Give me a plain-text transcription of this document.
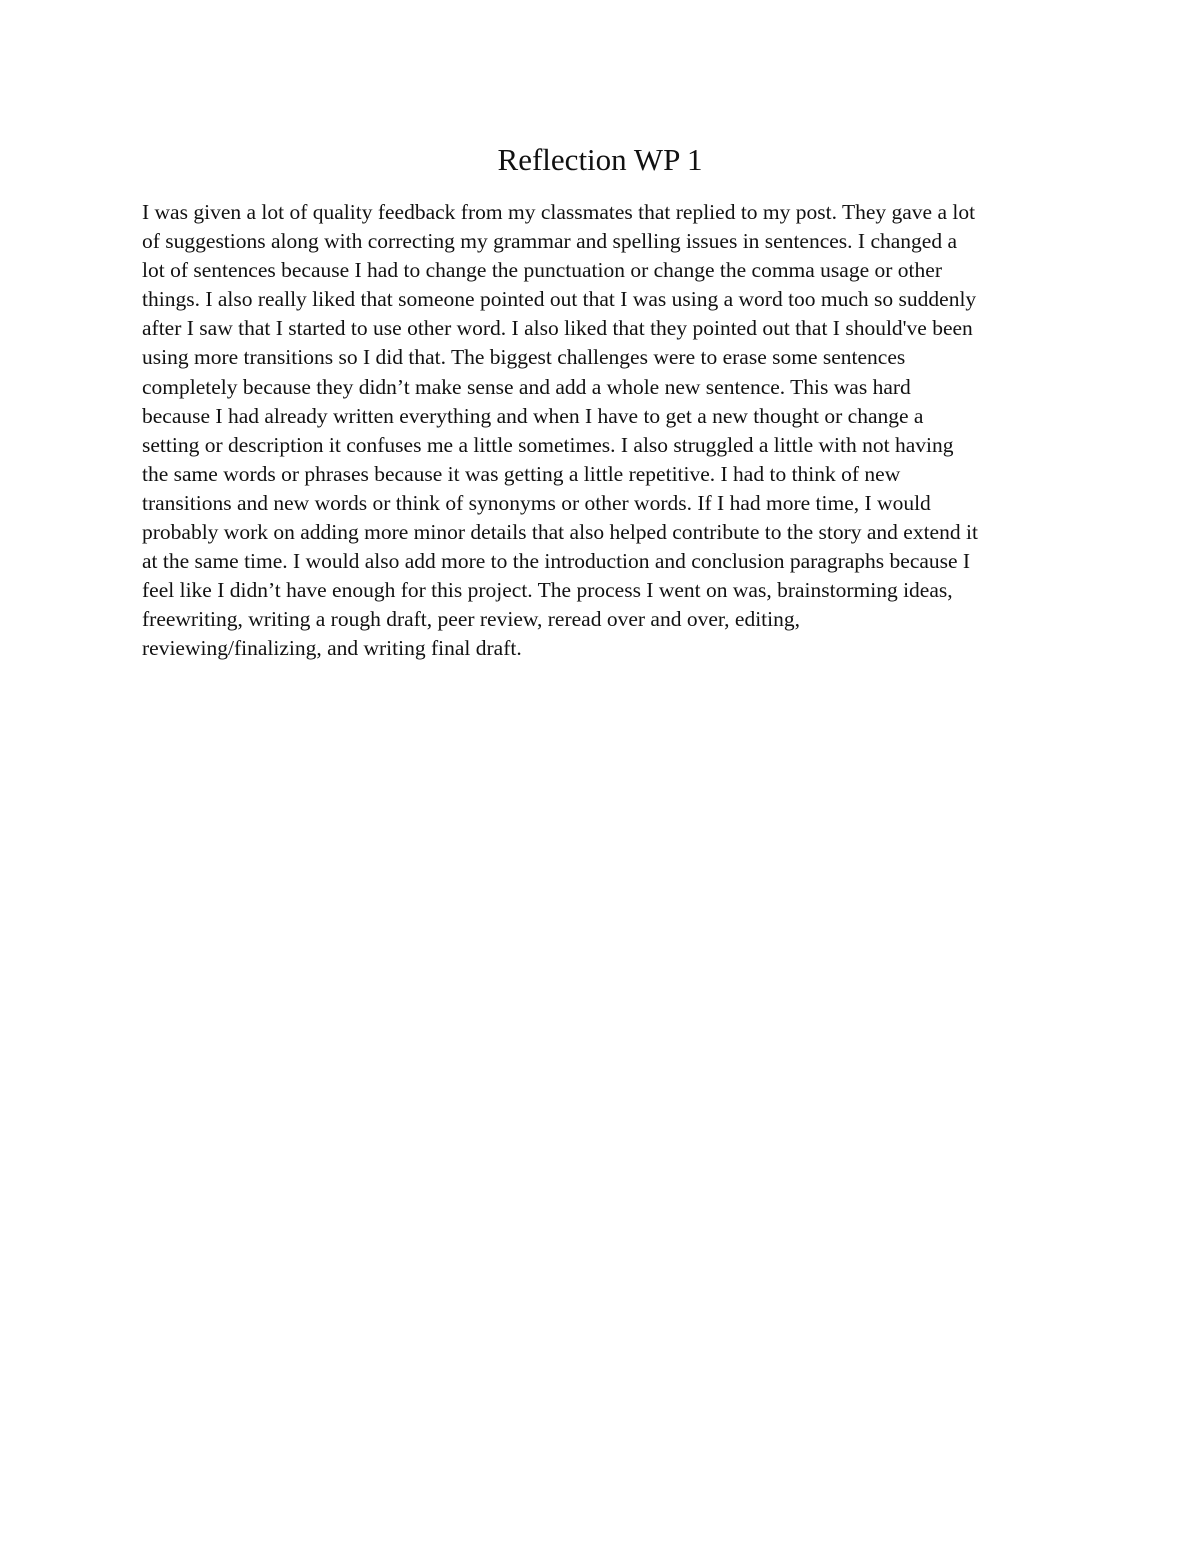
Reflection WP 1
I was given a lot of quality feedback from my classmates that replied to my post. They gave a lot
of suggestions along with correcting my grammar and spelling issues in sentences. I changed a
lot of sentences because I had to change the punctuation or change the comma usage or other
things. I also really liked that someone pointed out that I was using a word too much so suddenly
after I saw that I started to use other word. I also liked that they pointed out that I should've been
using more transitions so I did that. The biggest challenges were to erase some sentences
completely because they didn’t make sense and add a whole new sentence. This was hard
because I had already written everything and when I have to get a new thought or change a
setting or description it confuses me a little sometimes. I also struggled a little with not having
the same words or phrases because it was getting a little repetitive. I had to think of new
transitions and new words or think of synonyms or other words. If I had more time, I would
probably work on adding more minor details that also helped contribute to the story and extend it
at the same time. I would also add more to the introduction and conclusion paragraphs because I
feel like I didn’t have enough for this project. The process I went on was, brainstorming ideas,
freewriting, writing a rough draft, peer review, reread over and over, editing,
reviewing/finalizing, and writing final draft.
